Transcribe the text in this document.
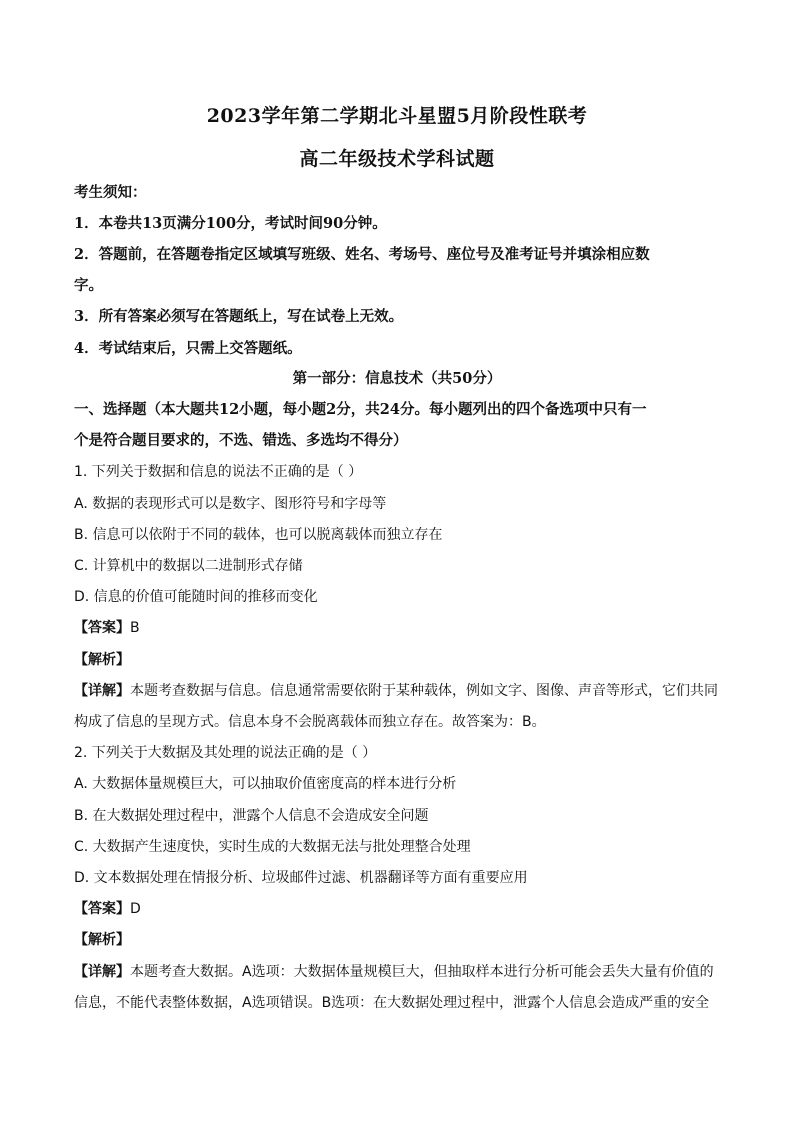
2023学年第二学期北斗星盟5月阶段性联考
高二年级技术学科试题
考生须知：
1．本卷共13页满分100分，考试时间90分钟。
2．答题前，在答题卷指定区域填写班级、姓名、考场号、座位号及准考证号并填涂相应数
字。
3．所有答案必须写在答题纸上，写在试卷上无效。
4．考试结束后，只需上交答题纸。
第一部分：信息技术（共50分）
一、选择题（本大题共12小题，每小题2分，共24分。每小题列出的四个备选项中只有一
个是符合题目要求的，不选、错选、多选均不得分）
1. 下列关于数据和信息的说法不正确的是（ ）
A. 数据的表现形式可以是数字、图形符号和字母等
B. 信息可以依附于不同的载体，也可以脱离载体而独立存在
C. 计算机中的数据以二进制形式存储
D. 信息的价值可能随时间的推移而变化
【答案】B
【解析】
【详解】本题考查数据与信息。信息通常需要依附于某种载体，例如文字、图像、声音等形式，它们共同
构成了信息的呈现方式。信息本身不会脱离载体而独立存在。故答案为：B。
2. 下列关于大数据及其处理的说法正确的是（ ）
A. 大数据体量规模巨大，可以抽取价值密度高的样本进行分析
B. 在大数据处理过程中，泄露个人信息不会造成安全问题
C. 大数据产生速度快，实时生成的大数据无法与批处理整合处理
D. 文本数据处理在情报分析、垃圾邮件过滤、机器翻译等方面有重要应用
【答案】D
【解析】
【详解】本题考查大数据。A选项：大数据体量规模巨大，但抽取样本进行分析可能会丢失大量有价值的
信息，不能代表整体数据，A选项错误。B选项：在大数据处理过程中，泄露个人信息会造成严重的安全
